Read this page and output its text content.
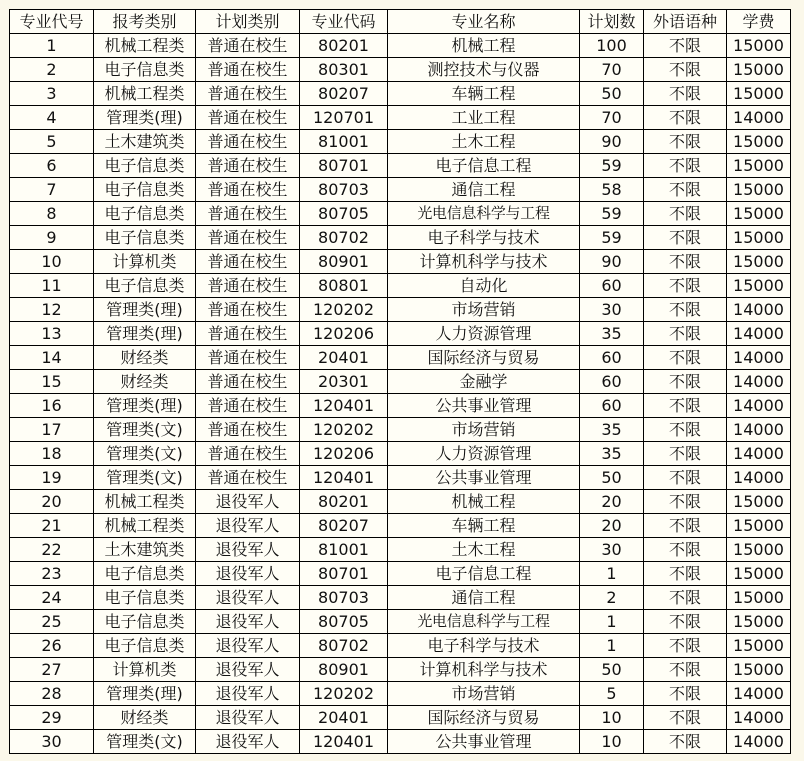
专业代号	报考类别	计划类别	专业代码	专业名称	计划数	外语语种	学费
1	机械工程类	普通在校生	80201	机械工程	100	不限	15000
2	电子信息类	普通在校生	80301	测控技术与仪器	70	不限	15000
3	机械工程类	普通在校生	80207	车辆工程	50	不限	15000
4	管理类(理)	普通在校生	120701	工业工程	70	不限	14000
5	土木建筑类	普通在校生	81001	土木工程	90	不限	15000
6	电子信息类	普通在校生	80701	电子信息工程	59	不限	15000
7	电子信息类	普通在校生	80703	通信工程	58	不限	15000
8	电子信息类	普通在校生	80705	光电信息科学与工程	59	不限	15000
9	电子信息类	普通在校生	80702	电子科学与技术	59	不限	15000
10	计算机类	普通在校生	80901	计算机科学与技术	90	不限	15000
11	电子信息类	普通在校生	80801	自动化	60	不限	15000
12	管理类(理)	普通在校生	120202	市场营销	30	不限	14000
13	管理类(理)	普通在校生	120206	人力资源管理	35	不限	14000
14	财经类	普通在校生	20401	国际经济与贸易	60	不限	14000
15	财经类	普通在校生	20301	金融学	60	不限	14000
16	管理类(理)	普通在校生	120401	公共事业管理	60	不限	14000
17	管理类(文)	普通在校生	120202	市场营销	35	不限	14000
18	管理类(文)	普通在校生	120206	人力资源管理	35	不限	14000
19	管理类(文)	普通在校生	120401	公共事业管理	50	不限	14000
20	机械工程类	退役军人	80201	机械工程	20	不限	15000
21	机械工程类	退役军人	80207	车辆工程	20	不限	15000
22	土木建筑类	退役军人	81001	土木工程	30	不限	15000
23	电子信息类	退役军人	80701	电子信息工程	1	不限	15000
24	电子信息类	退役军人	80703	通信工程	2	不限	15000
25	电子信息类	退役军人	80705	光电信息科学与工程	1	不限	15000
26	电子信息类	退役军人	80702	电子科学与技术	1	不限	15000
27	计算机类	退役军人	80901	计算机科学与技术	50	不限	15000
28	管理类(理)	退役军人	120202	市场营销	5	不限	14000
29	财经类	退役军人	20401	国际经济与贸易	10	不限	14000
30	管理类(文)	退役军人	120401	公共事业管理	10	不限	14000
